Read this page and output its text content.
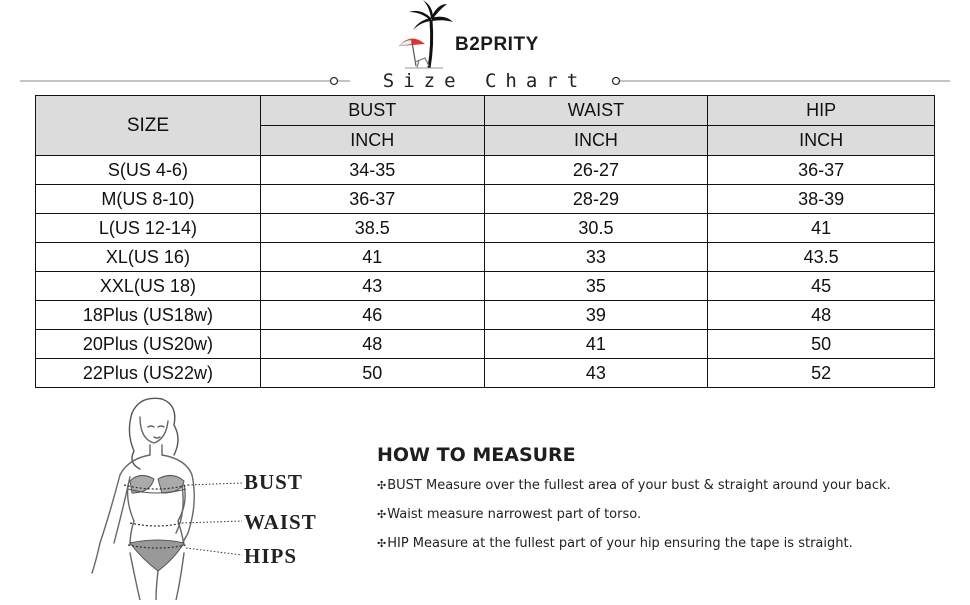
B2PRITY
Size Chart
SIZE	BUST	WAIST	HIP
	INCH	INCH	INCH
S(US 4-6)	34-35	26-27	36-37
M(US 8-10)	36-37	28-29	38-39
L(US 12-14)	38.5	30.5	41
XL(US 16)	41	33	43.5
XXL(US 18)	43	35	45
18Plus (US18w)	46	39	48
20Plus (US20w)	48	41	50
22Plus (US22w)	50	43	52
BUST
WAIST
HIPS
HOW TO MEASURE
✣BUST Measure over the fullest area of your bust & straight around your back.
✣Waist measure narrowest part of torso.
✣HIP Measure at the fullest part of your hip ensuring the tape is straight.
